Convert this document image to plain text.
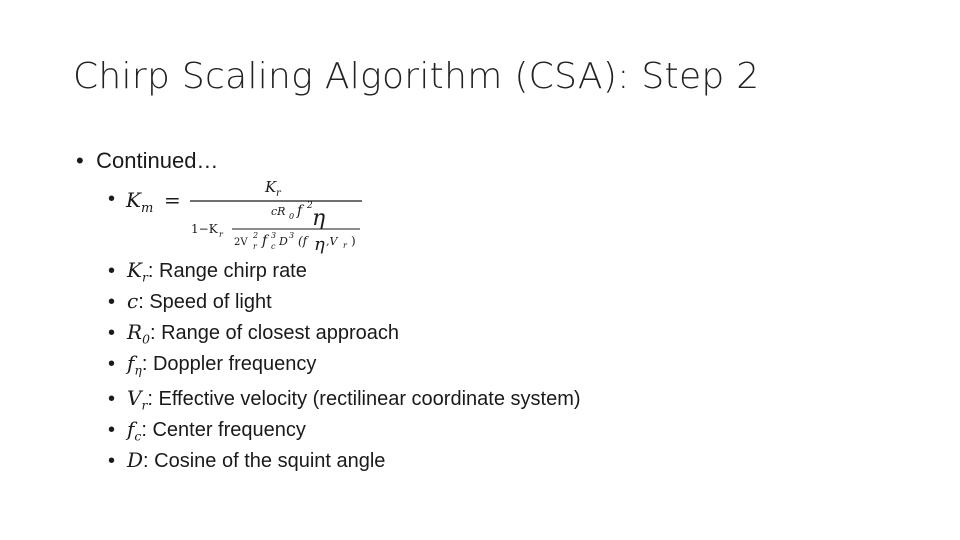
Chirp Scaling Algorithm (CSA): Step 2
• Continued…
• K m =
K r
cR 0 f 2 η
1−K r
2V
2
r f 3
c D 3 (f η ,V r )
• $K_r$: Range chirp rate
• c: Speed of light
• $R_0$: Range of closest approach
• $f_\eta$: Doppler frequency
• $V_r$: Effective velocity (rectilinear coordinate system)
• $f_c$: Center frequency
• D: Cosine of the squint angle
